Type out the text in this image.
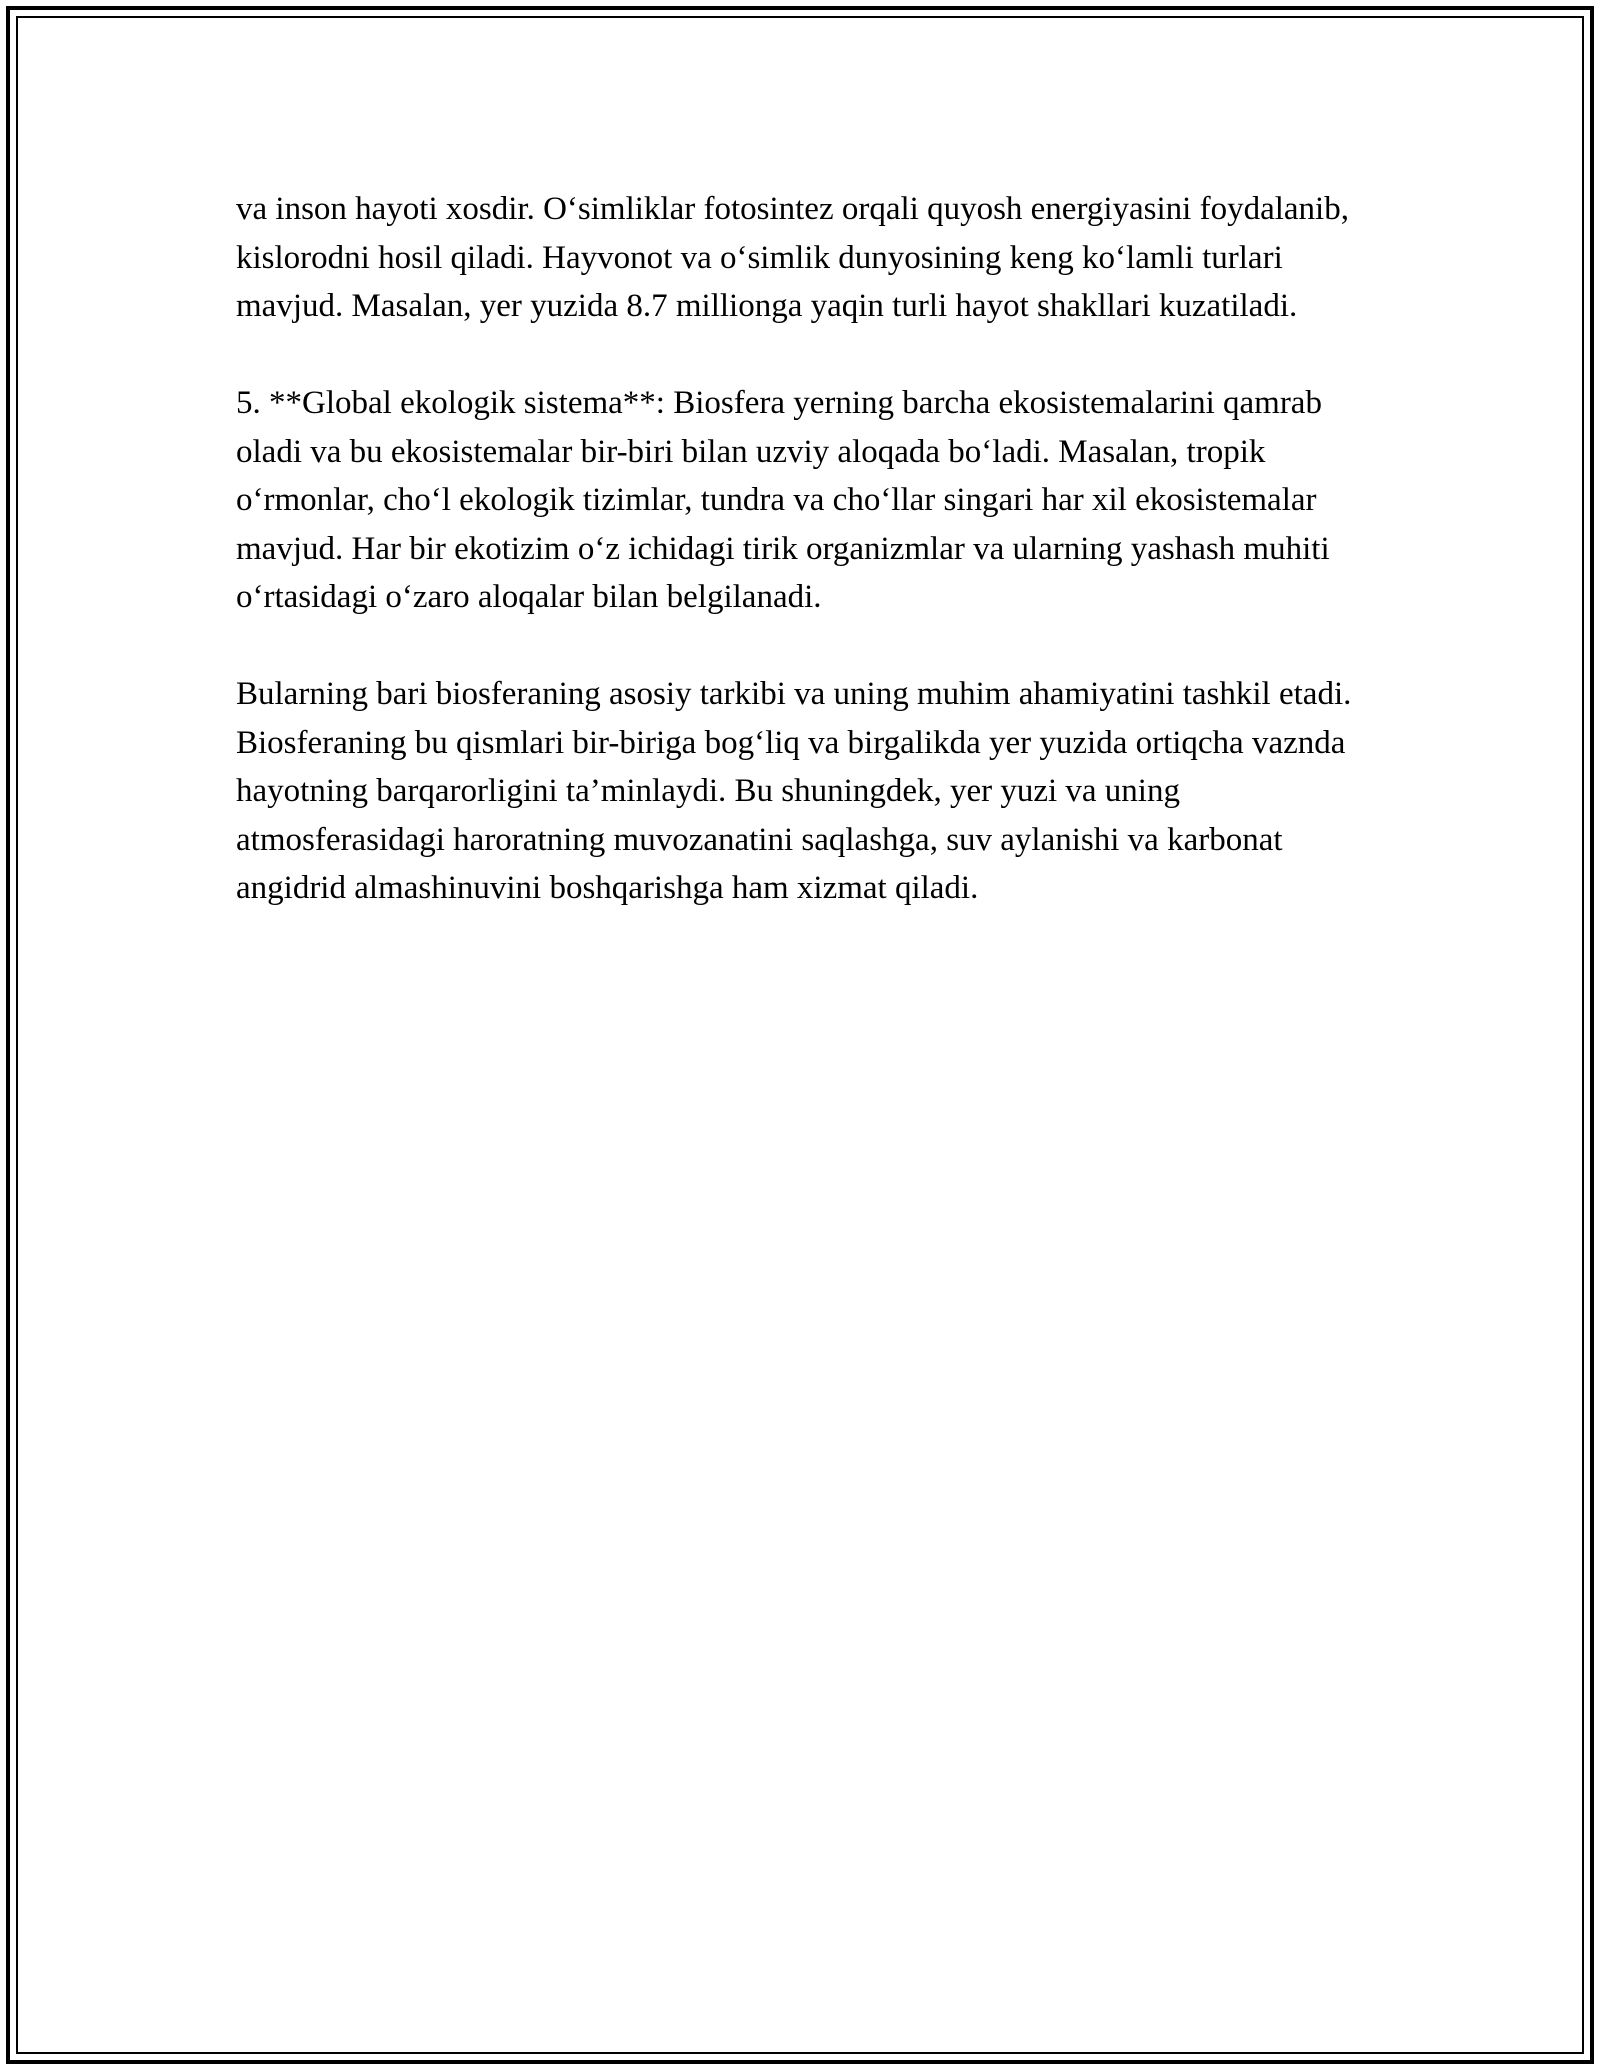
va inson hayoti xosdir. O‘simliklar fotosintez orqali quyosh energiyasini foydalanib, kislorodni hosil qiladi. Hayvonot va o‘simlik dunyosining keng ko‘lamli turlari mavjud. Masalan, yer yuzida 8.7 millionga yaqin turli hayot shakllari kuzatiladi.

5. **Global ekologik sistema**: Biosfera yerning barcha ekosistemalarini qamrab oladi va bu ekosistemalar bir-biri bilan uzviy aloqada bo‘ladi. Masalan, tropik o‘rmonlar, cho‘l ekologik tizimlar, tundra va cho‘llar singari har xil ekosistemalar mavjud. Har bir ekotizim o‘z ichidagi tirik organizmlar va ularning yashash muhiti o‘rtasidagi o‘zaro aloqalar bilan belgilanadi.

Bularning bari biosferaning asosiy tarkibi va uning muhim ahamiyatini tashkil etadi. Biosferaning bu qismlari bir-biriga bog‘liq va birgalikda yer yuzida ortiqcha vaznda hayotning barqarorligini ta’minlaydi. Bu shuningdek, yer yuzi va uning atmosferasidagi haroratning muvozanatini saqlashga, suv aylanishi va karbonat angidrid almashinuvini boshqarishga ham xizmat qiladi.
